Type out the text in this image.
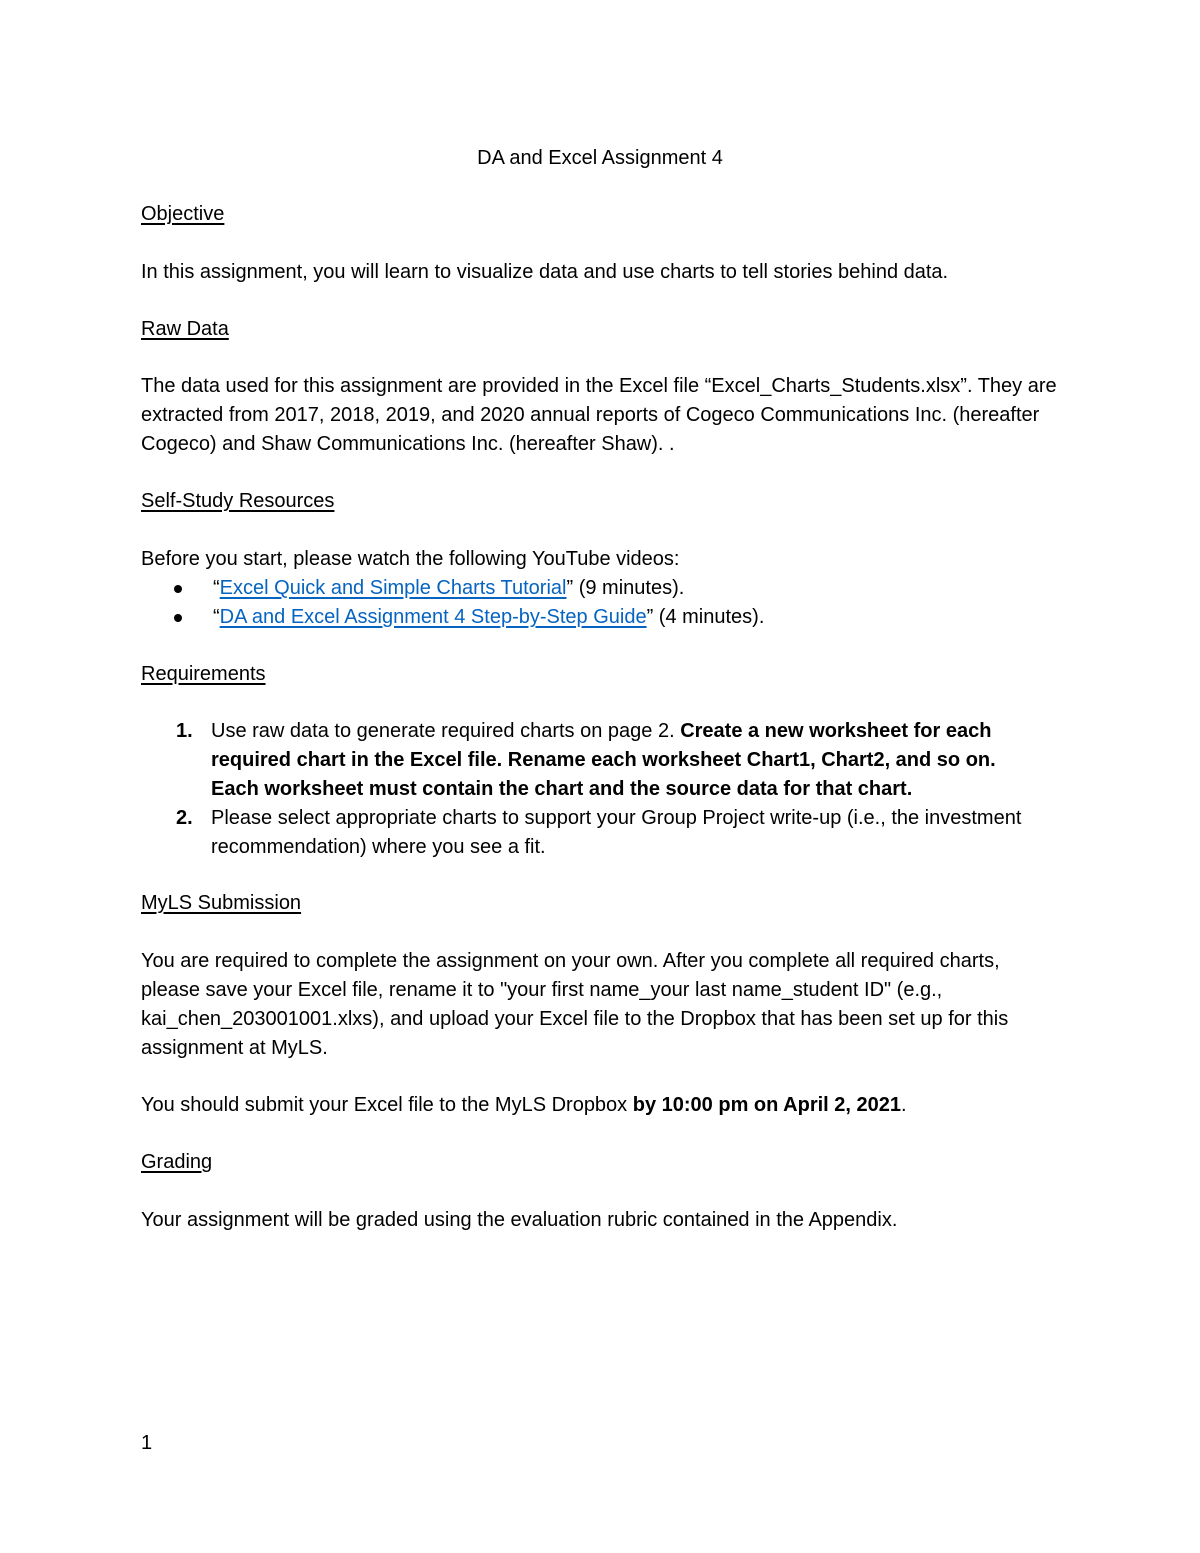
DA and Excel Assignment 4
Objective
In this assignment, you will learn to visualize data and use charts to tell stories behind data.
Raw Data
The data used for this assignment are provided in the Excel file “Excel_Charts_Students.xlsx”. They are extracted from 2017, 2018, 2019, and 2020 annual reports of Cogeco Communications Inc. (hereafter Cogeco) and Shaw Communications Inc. (hereafter Shaw). .
Self-Study Resources
Before you start, please watch the following YouTube videos:
“Excel Quick and Simple Charts Tutorial” (9 minutes).
“DA and Excel Assignment 4 Step-by-Step Guide” (4 minutes).
Requirements
1. Use raw data to generate required charts on page 2. Create a new worksheet for each required chart in the Excel file. Rename each worksheet Chart1, Chart2, and so on. Each worksheet must contain the chart and the source data for that chart.
2. Please select appropriate charts to support your Group Project write-up (i.e., the investment recommendation) where you see a fit.
MyLS Submission
You are required to complete the assignment on your own. After you complete all required charts, please save your Excel file, rename it to "your first name_your last name_student ID" (e.g., kai_chen_203001001.xlxs), and upload your Excel file to the Dropbox that has been set up for this assignment at MyLS.
You should submit your Excel file to the MyLS Dropbox by 10:00 pm on April 2, 2021.
Grading
Your assignment will be graded using the evaluation rubric contained in the Appendix.
1
